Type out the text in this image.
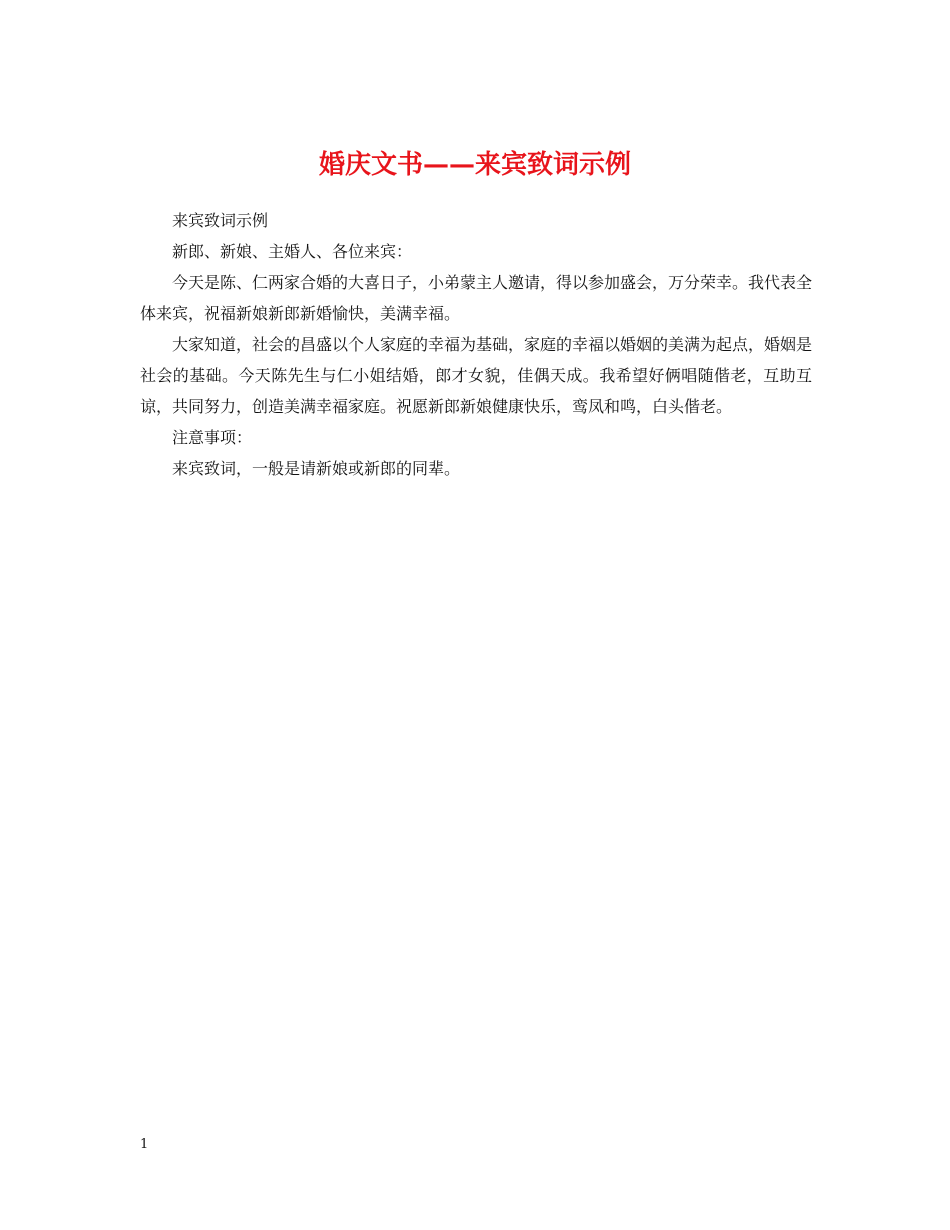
婚庆文书——来宾致词示例

来宾致词示例

新郎、新娘、主婚人、各位来宾：

今天是陈、仁两家合婚的大喜日子，小弟蒙主人邀请，得以参加盛会，万分荣幸。我代表全体来宾，祝福新娘新郎新婚愉快，美满幸福。

大家知道，社会的昌盛以个人家庭的幸福为基础，家庭的幸福以婚姻的美满为起点，婚姻是社会的基础。今天陈先生与仁小姐结婚，郎才女貌，佳偶天成。我希望好俩唱随偕老，互助互谅，共同努力，创造美满幸福家庭。祝愿新郎新娘健康快乐，鸾凤和鸣，白头偕老。

注意事项：

来宾致词，一般是请新娘或新郎的同辈。

1
